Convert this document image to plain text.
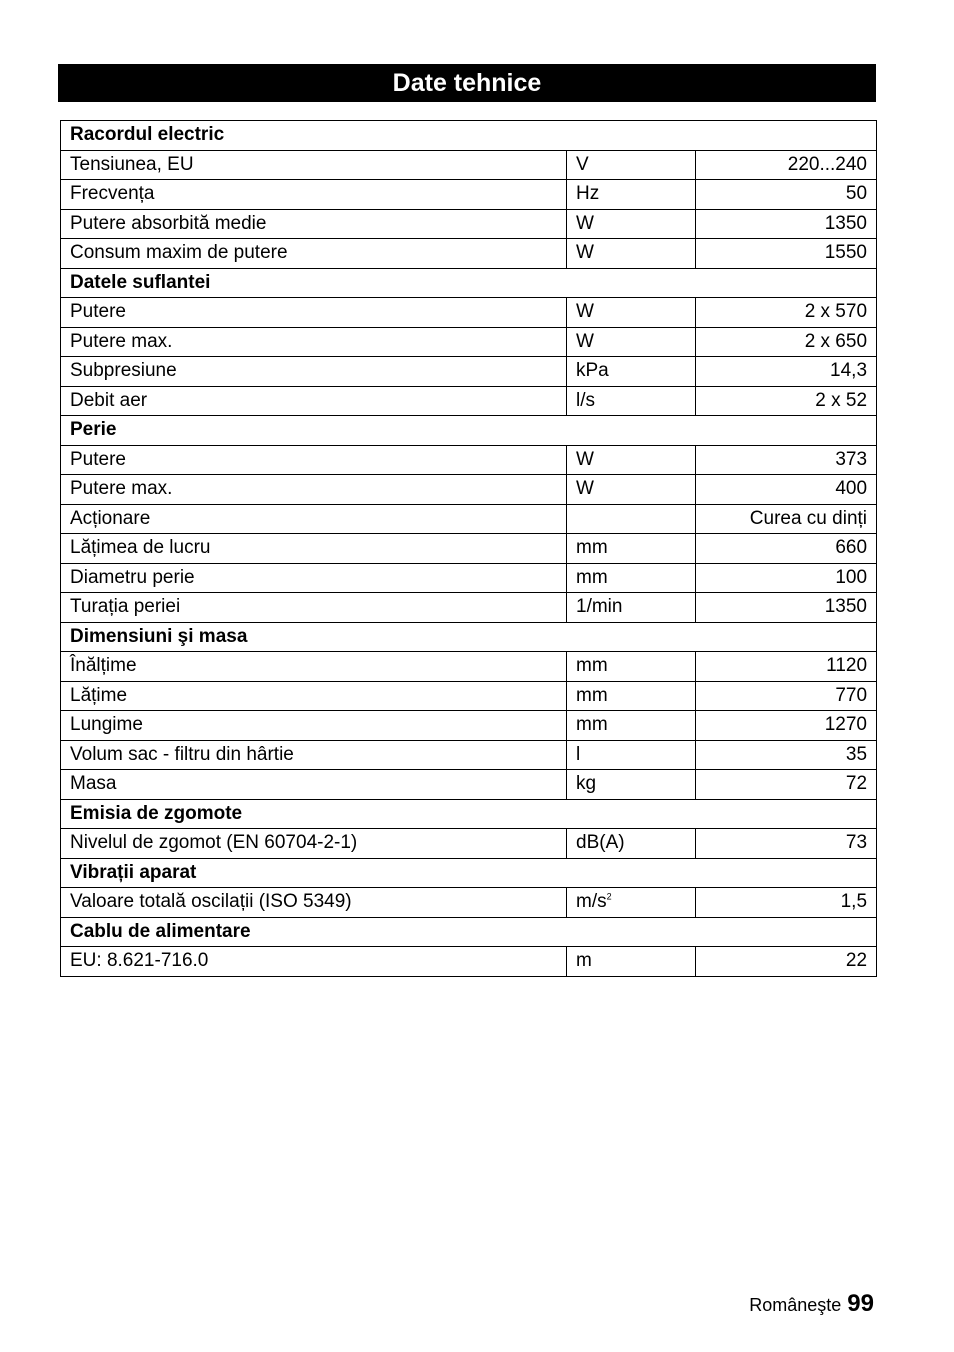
Date tehnice
Racordul electric		
Tensiunea, EU	V	220...240
Frecvența	Hz	50
Putere absorbită medie	W	1350
Consum maxim de putere	W	1550
Datele suflantei		
Putere	W	2 x 570
Putere max.	W	2 x 650
Subpresiune	kPa	14,3
Debit aer	l/s	2 x 52
Perie		
Putere	W	373
Putere max.	W	400
Acționare		Curea cu dinți
Lățimea de lucru	mm	660
Diametru perie	mm	100
Turația periei	1/min	1350
Dimensiuni şi masa		
Înălțime	mm	1120
Lățime	mm	770
Lungime	mm	1270
Volum sac - filtru din hârtie	l	35
Masa	kg	72
Emisia de zgomote		
Nivelul de zgomot (EN 60704-2-1)	dB(A)	73
Vibrații aparat		
Valoare totală oscilații (ISO 5349)	$m/s^2$	1,5
Cablu de alimentare		
EU: 8.621-716.0	m	22
Româneşte 99
